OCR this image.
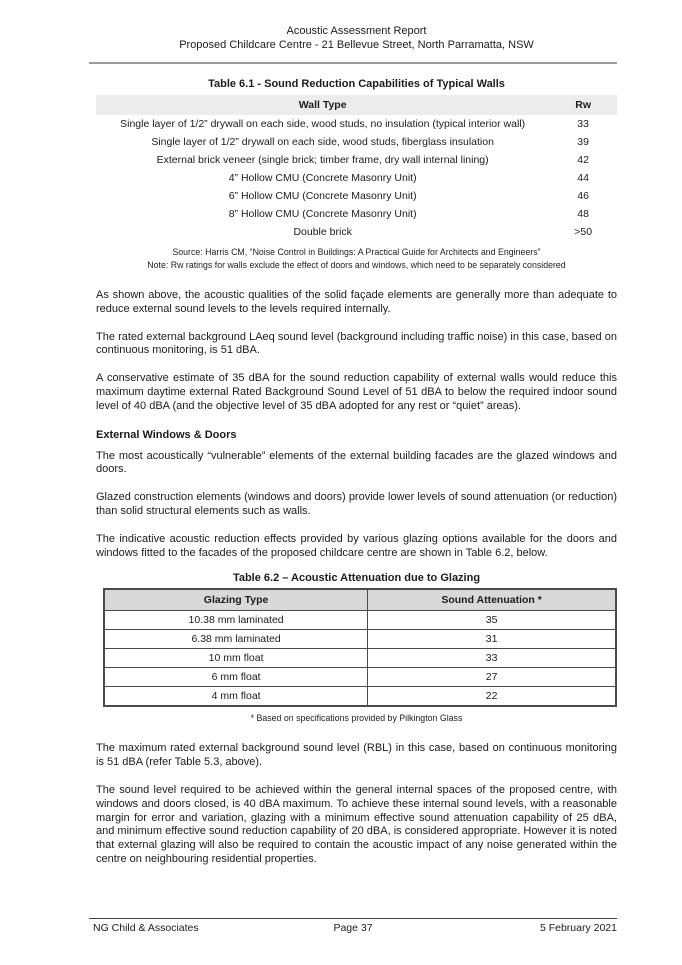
Acoustic Assessment Report
Proposed Childcare Centre - 21 Bellevue Street, North Parramatta, NSW
Table 6.1 - Sound Reduction Capabilities of Typical Walls
Wall Type	Rw
Single layer of 1/2” drywall on each side, wood studs, no insulation (typical interior wall)	33
Single layer of 1/2” drywall on each side, wood studs, fiberglass insulation	39
External brick veneer (single brick; timber frame, dry wall internal lining)	42
4” Hollow CMU (Concrete Masonry Unit)	44
6” Hollow CMU (Concrete Masonry Unit)	46
8” Hollow CMU (Concrete Masonry Unit)	48
Double brick	>50
Source: Harris CM, “Noise Control in Buildings: A Practical Guide for Architects and Engineers”
Note: Rw ratings for walls exclude the effect of doors and windows, which need to be separately considered

As shown above, the acoustic qualities of the solid façade elements are generally more than adequate to reduce external sound levels to the levels required internally.

The rated external background LAeq sound level (background including traffic noise) in this case, based on continuous monitoring, is 51 dBA.

A conservative estimate of 35 dBA for the sound reduction capability of external walls would reduce this maximum daytime external Rated Background Sound Level of 51 dBA to below the required indoor sound level of 40 dBA (and the objective level of 35 dBA adopted for any rest or “quiet” areas).

External Windows & Doors

The most acoustically “vulnerable” elements of the external building facades are the glazed windows and doors.

Glazed construction elements (windows and doors) provide lower levels of sound attenuation (or reduction) than solid structural elements such as walls.

The indicative acoustic reduction effects provided by various glazing options available for the doors and windows fitted to the facades of the proposed childcare centre are shown in Table 6.2, below.

Table 6.2 – Acoustic Attenuation due to Glazing
Glazing Type	Sound Attenuation *
10.38 mm laminated	35
6.38 mm laminated	31
10 mm float	33
6 mm float	27
4 mm float	22
* Based on specifications provided by Pilkington Glass

The maximum rated external background sound level (RBL) in this case, based on continuous monitoring is 51 dBA (refer Table 5.3, above).

The sound level required to be achieved within the general internal spaces of the proposed centre, with windows and doors closed, is 40 dBA maximum. To achieve these internal sound levels, with a reasonable margin for error and variation, glazing with a minimum effective sound attenuation capability of 25 dBA, and minimum effective sound reduction capability of 20 dBA, is considered appropriate. However it is noted that external glazing will also be required to contain the acoustic impact of any noise generated within the centre on neighbouring residential properties.

NG Child & Associates	Page 37	5 February 2021
